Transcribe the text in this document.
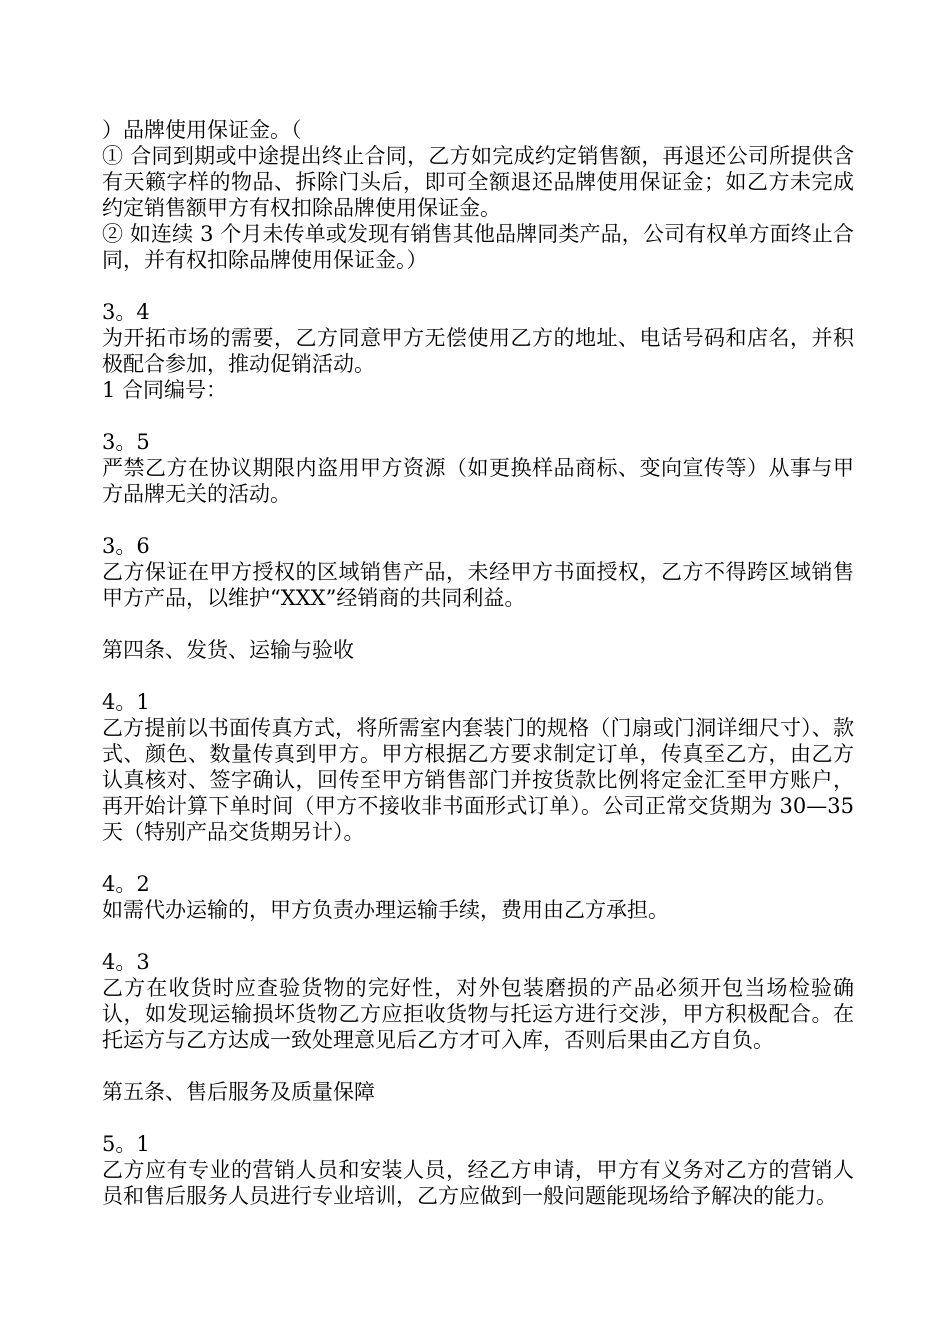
）品牌使用保证金。（

① 合同到期或中途提出终止合同，乙方如完成约定销售额，再退还公司所提供含有天籁字样的物品、拆除门头后，即可全额退还品牌使用保证金；如乙方未完成约定销售额甲方有权扣除品牌使用保证金。

② 如连续 3 个月未传单或发现有销售其他品牌同类产品，公司有权单方面终止合同，并有权扣除品牌使用保证金。）

3。4

为开拓市场的需要，乙方同意甲方无偿使用乙方的地址、电话号码和店名，并积极配合参加，推动促销活动。

1 合同编号：

3。5

严禁乙方在协议期限内盗用甲方资源（如更换样品商标、变向宣传等）从事与甲方品牌无关的活动。

3。6

乙方保证在甲方授权的区域销售产品，未经甲方书面授权，乙方不得跨区域销售甲方产品，以维护“XXX”经销商的共同利益。

第四条、发货、运输与验收

4。1

乙方提前以书面传真方式，将所需室内套装门的规格（门扇或门洞详细尺寸）、款式、颜色、数量传真到甲方。甲方根据乙方要求制定订单，传真至乙方，由乙方认真核对、签字确认，回传至甲方销售部门并按货款比例将定金汇至甲方账户，再开始计算下单时间（甲方不接收非书面形式订单）。公司正常交货期为 30—35 天（特别产品交货期另计）。

4。2

如需代办运输的，甲方负责办理运输手续，费用由乙方承担。

4。3

乙方在收货时应查验货物的完好性，对外包装磨损的产品必须开包当场检验确认，如发现运输损坏货物乙方应拒收货物与托运方进行交涉，甲方积极配合。在托运方与乙方达成一致处理意见后乙方才可入库，否则后果由乙方自负。

第五条、售后服务及质量保障

5。1

乙方应有专业的营销人员和安装人员，经乙方申请，甲方有义务对乙方的营销人员和售后服务人员进行专业培训，乙方应做到一般问题能现场给予解决的能力。
